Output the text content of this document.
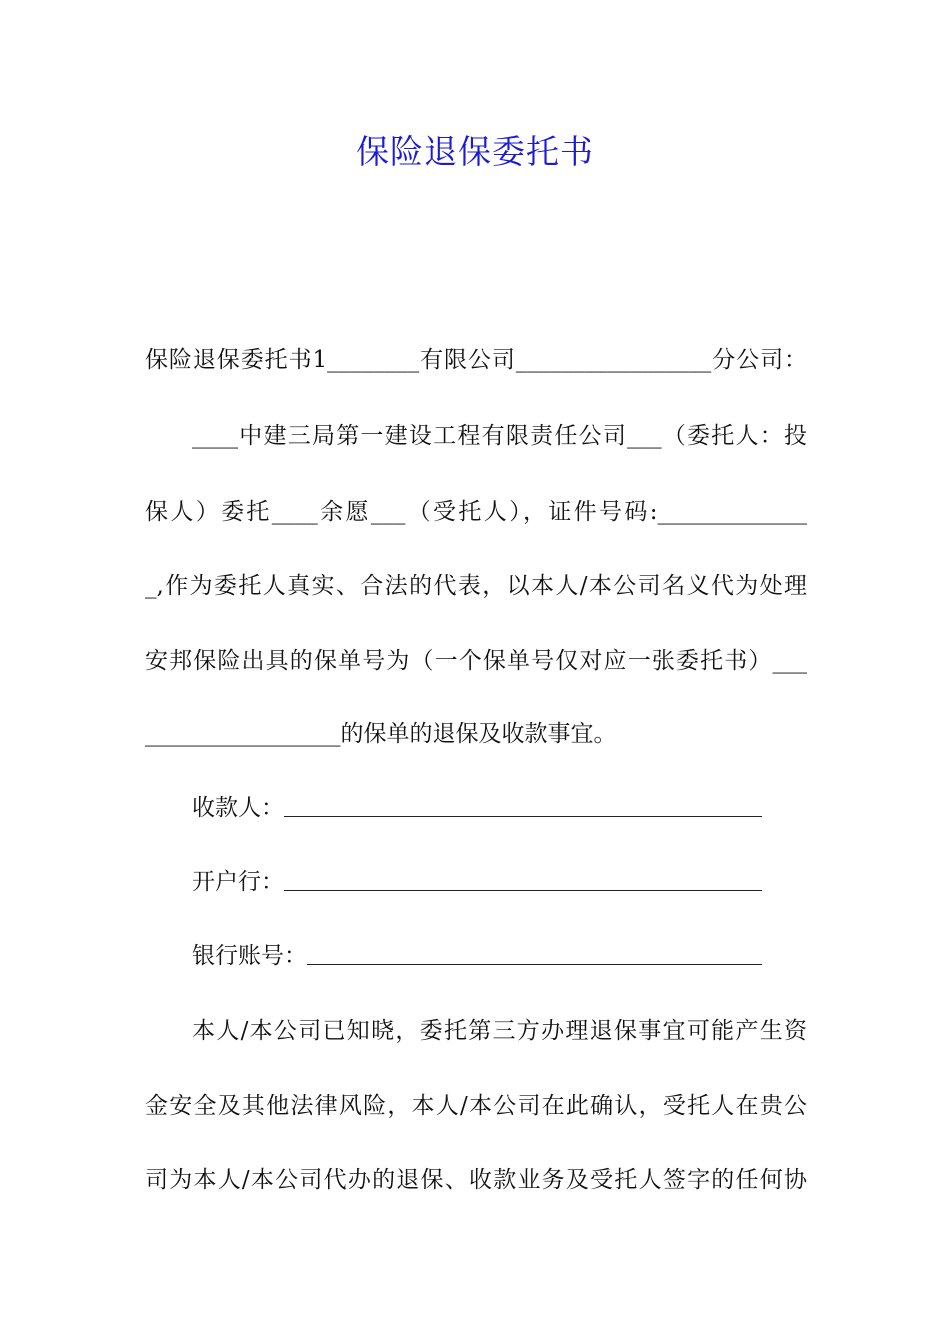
保险退保委托书
保险退保委托书1________有限公司_________________分公司：
____中建三局第一建设工程有限责任公司___（委托人：投
保人）委托____余愿___（受托人），证件号码:_____________
_,作为委托人真实、合法的代表，以本人/本公司名义代为处理
安邦保险出具的保单号为（一个保单号仅对应一张委托书）___
_________________的保单的退保及收款事宜。
收款人：
开户行：
银行账号：
本人/本公司已知晓，委托第三方办理退保事宜可能产生资
金安全及其他法律风险，本人/本公司在此确认，受托人在贵公
司为本人/本公司代办的退保、收款业务及受托人签字的任何协
